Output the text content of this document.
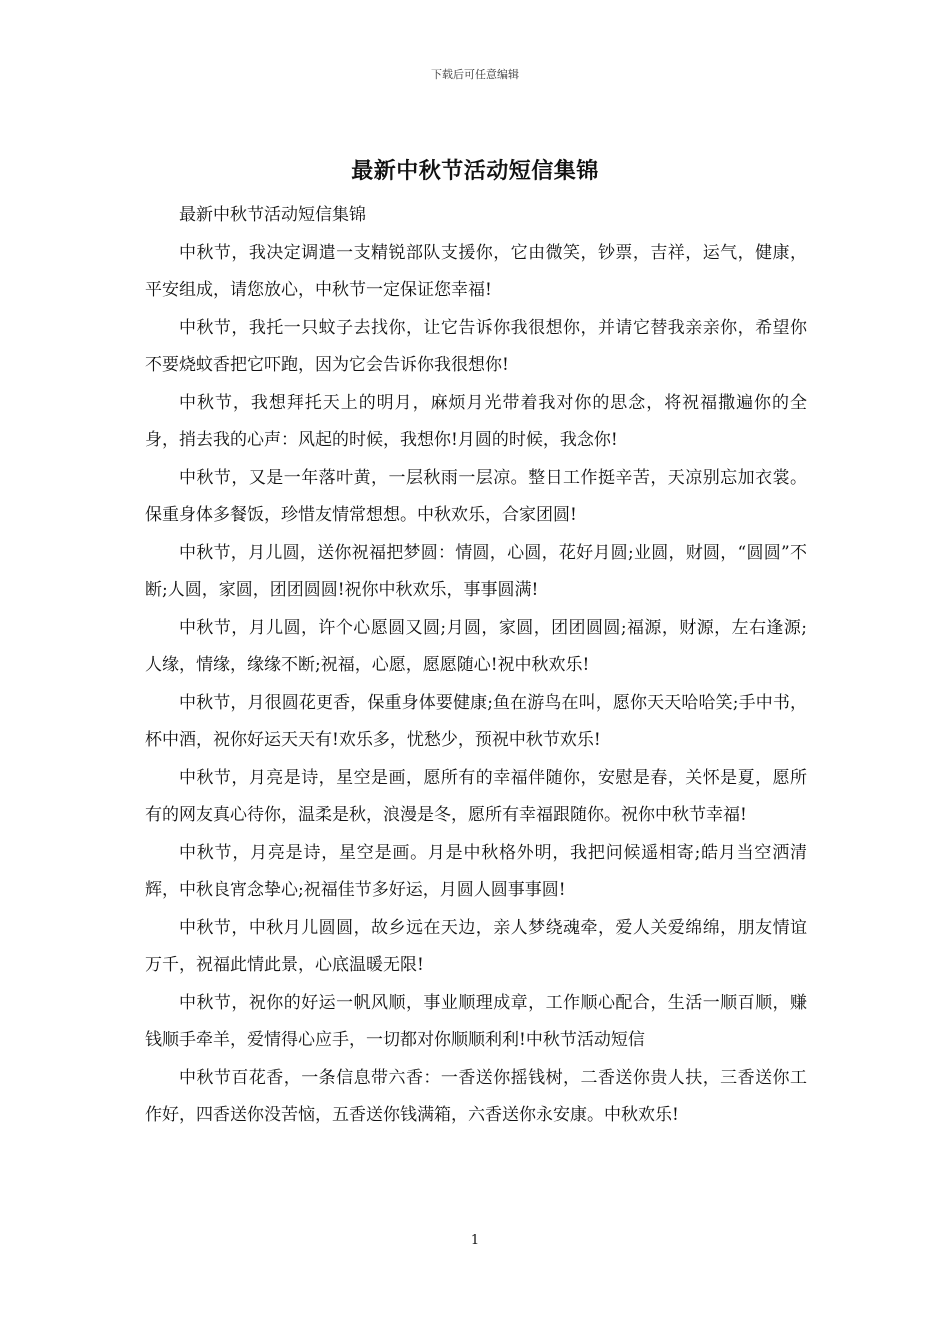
下载后可任意编辑
最新中秋节活动短信集锦

最新中秋节活动短信集锦

中秋节，我决定调遣一支精锐部队支援你，它由微笑，钞票，吉祥，运气，健康，平安组成，请您放心，中秋节一定保证您幸福!

中秋节，我托一只蚊子去找你，让它告诉你我很想你，并请它替我亲亲你，希望你不要烧蚊香把它吓跑，因为它会告诉你我很想你!

中秋节，我想拜托天上的明月，麻烦月光带着我对你的思念，将祝福撒遍你的全身，捎去我的心声：风起的时候，我想你!月圆的时候，我念你!

中秋节，又是一年落叶黄，一层秋雨一层凉。整日工作挺辛苦，天凉别忘加衣裳。保重身体多餐饭，珍惜友情常想想。中秋欢乐，合家团圆!

中秋节，月儿圆，送你祝福把梦圆：情圆，心圆，花好月圆;业圆，财圆，“圆圆”不断;人圆，家圆，团团圆圆!祝你中秋欢乐，事事圆满!

中秋节，月儿圆，许个心愿圆又圆;月圆，家圆，团团圆圆;福源，财源，左右逢源;人缘，情缘，缘缘不断;祝福，心愿，愿愿随心!祝中秋欢乐!

中秋节，月很圆花更香，保重身体要健康;鱼在游鸟在叫，愿你天天哈哈笑;手中书，杯中酒，祝你好运天天有!欢乐多，忧愁少，预祝中秋节欢乐!

中秋节，月亮是诗，星空是画，愿所有的幸福伴随你，安慰是春，关怀是夏，愿所有的网友真心待你，温柔是秋，浪漫是冬，愿所有幸福跟随你。祝你中秋节幸福!

中秋节，月亮是诗，星空是画。月是中秋格外明，我把问候遥相寄;皓月当空洒清辉，中秋良宵念挚心;祝福佳节多好运，月圆人圆事事圆!

中秋节，中秋月儿圆圆，故乡远在天边，亲人梦绕魂牵，爱人关爱绵绵，朋友情谊万千，祝福此情此景，心底温暖无限!

中秋节，祝你的好运一帆风顺，事业顺理成章，工作顺心配合，生活一顺百顺，赚钱顺手牵羊，爱情得心应手，一切都对你顺顺利利!中秋节活动短信

中秋节百花香，一条信息带六香：一香送你摇钱树，二香送你贵人扶，三香送你工作好，四香送你没苦恼，五香送你钱满箱，六香送你永安康。中秋欢乐!

1
